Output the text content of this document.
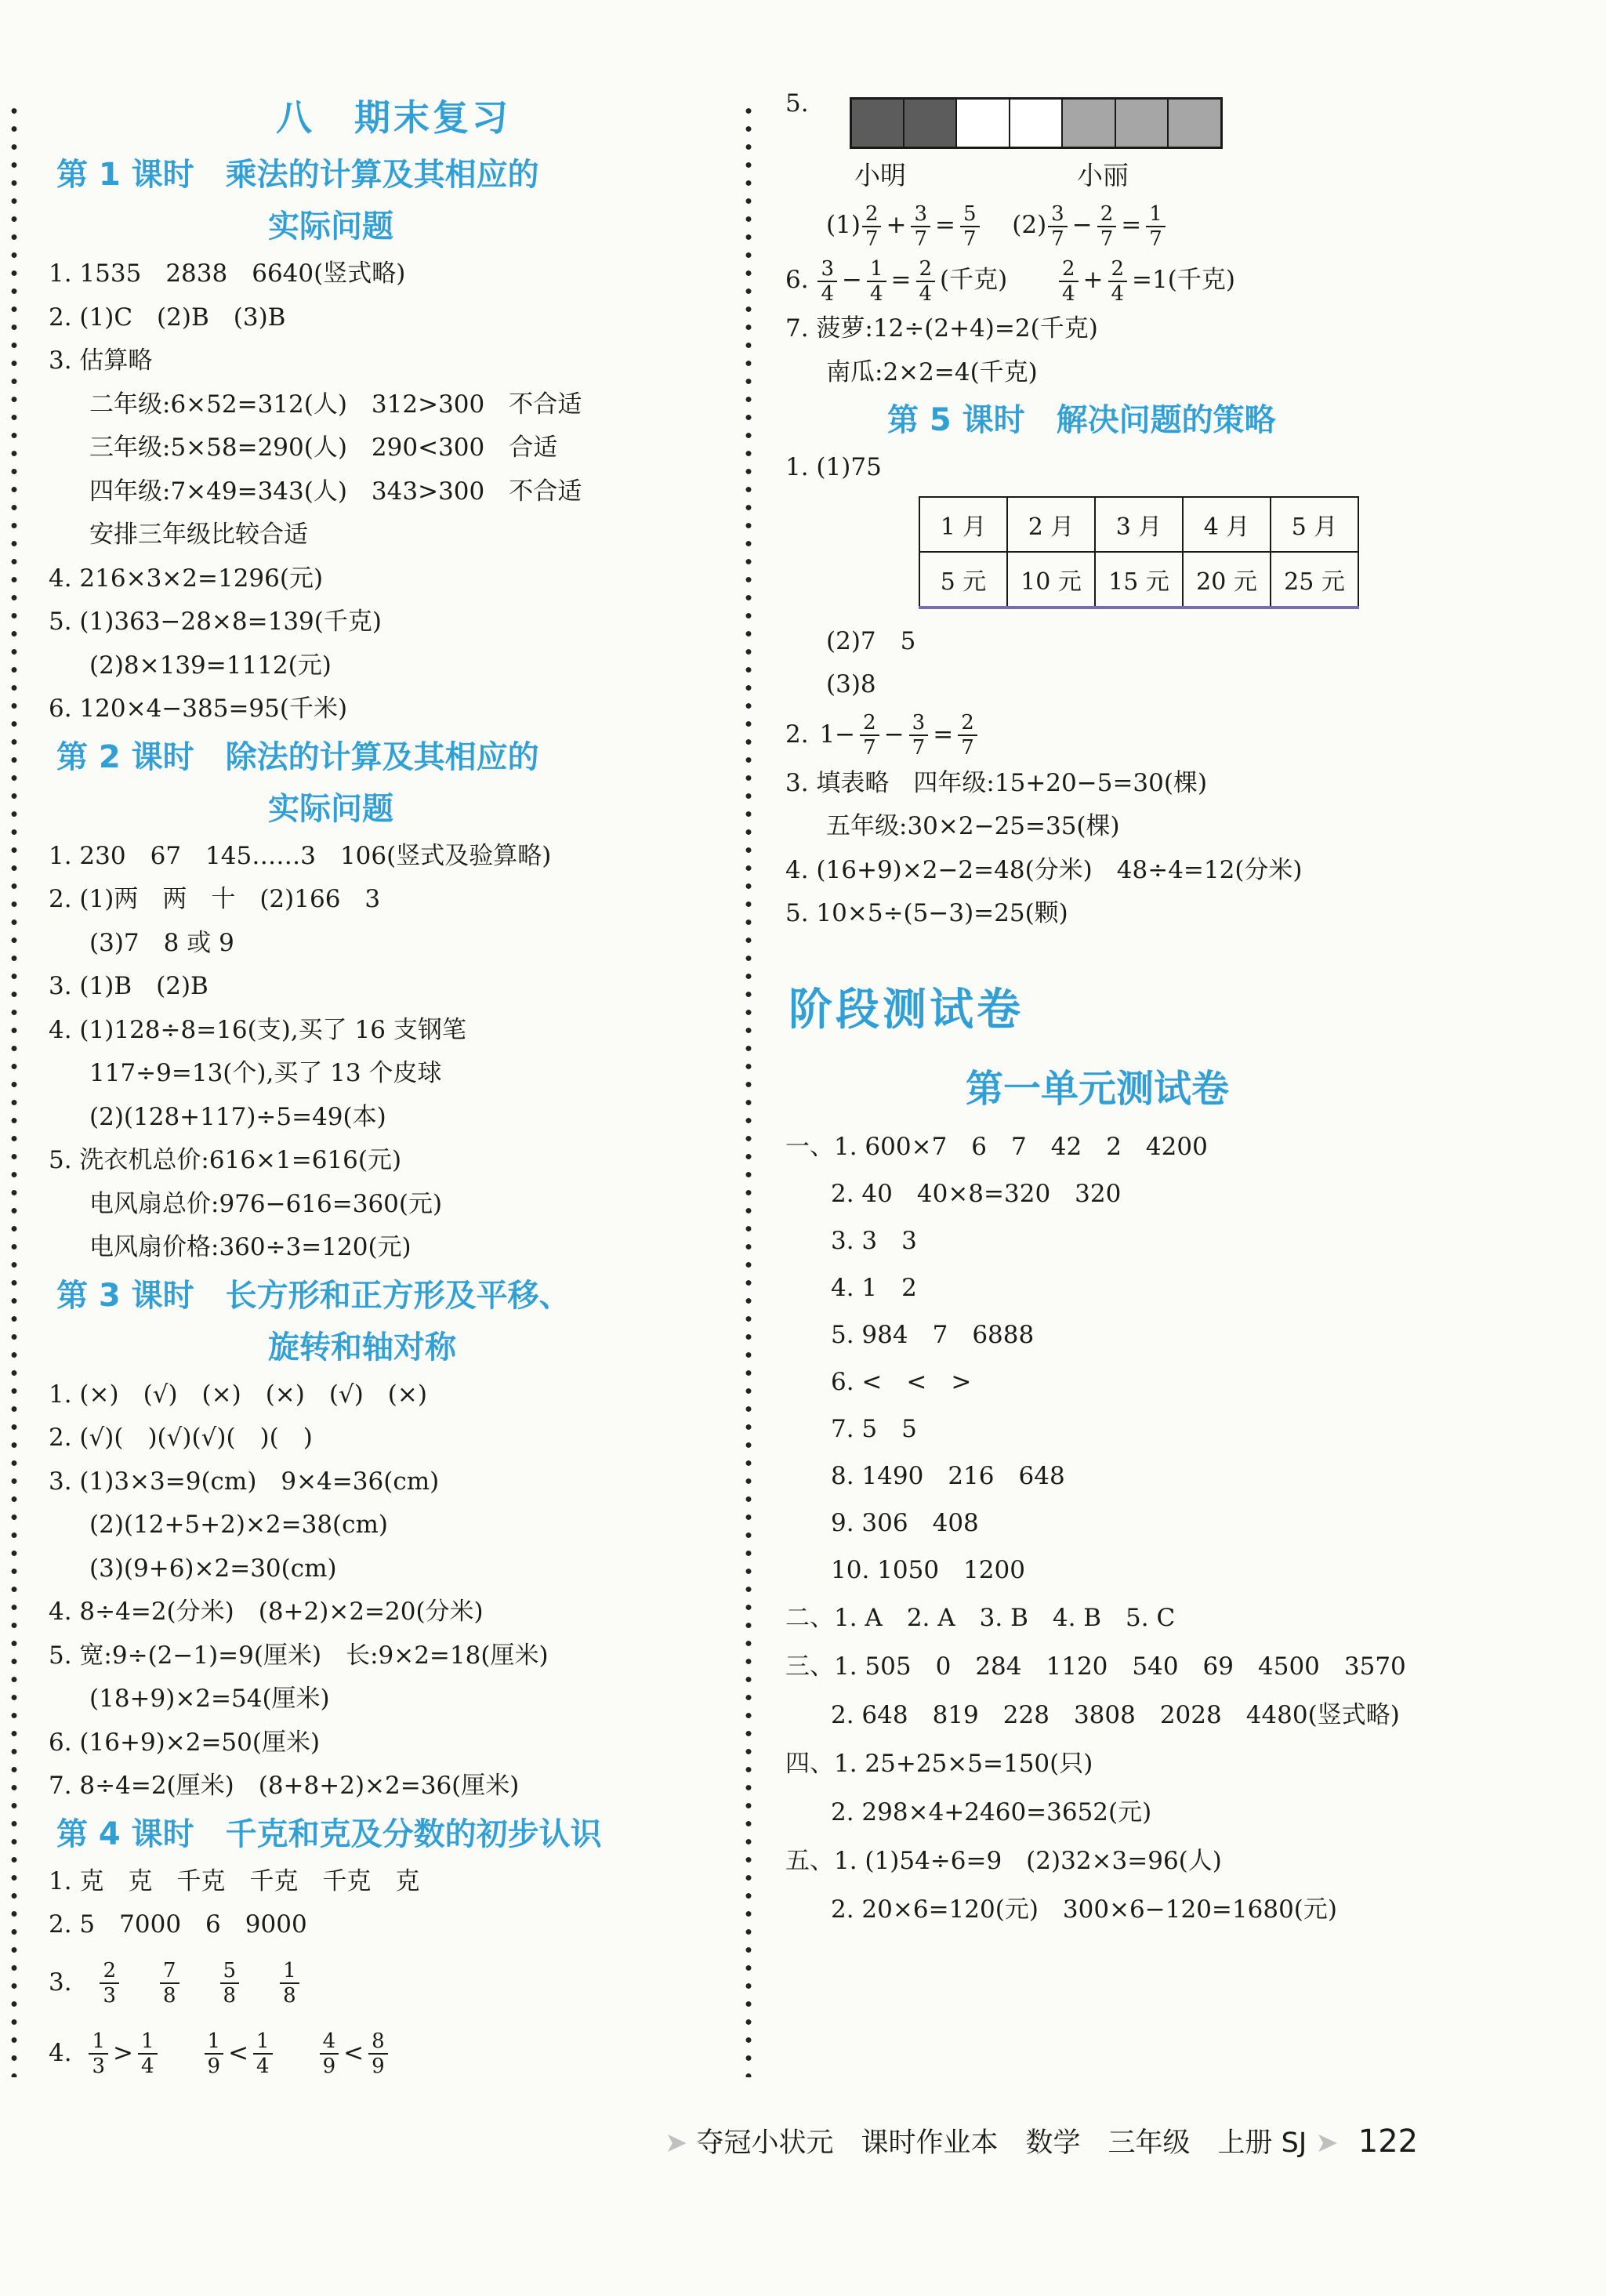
八　期末复习
第 1 课时　乘法的计算及其相应的
实际问题
1. 1535　2838　6640(竖式略)
2. (1)C　(2)B　(3)B
3. 估算略
二年级:6×52=312(人)　312>300　不合适
三年级:5×58=290(人)　290<300　合适
四年级:7×49=343(人)　343>300　不合适
安排三年级比较合适
4. 216×3×2=1296(元)
5. (1)363−28×8=139(千克)
(2)8×139=1112(元)
6. 120×4−385=95(千米)
第 2 课时　除法的计算及其相应的
实际问题
1. 230　67　145……3　106(竖式及验算略)
2. (1)两　两　十　(2)166　3
(3)7　8 或 9
3. (1)B　(2)B
4. (1)128÷8=16(支),买了 16 支钢笔
117÷9=13(个),买了 13 个皮球
(2)(128+117)÷5=49(本)
5. 洗衣机总价:616×1=616(元)
电风扇总价:976−616=360(元)
电风扇价格:360÷3=120(元)
第 3 课时　长方形和正方形及平移、
旋转和轴对称
1. (×)　(√)　(×)　(×)　(√)　(×)
2. (√)(　)(√)(√)(　)(　)
3. (1)3×3=9(cm)　9×4=36(cm)
(2)(12+5+2)×2=38(cm)
(3)(9+6)×2=30(cm)
4. 8÷4=2(分米)　(8+2)×2=20(分米)
5. 宽:9÷(2−1)=9(厘米)　长:9×2=18(厘米)
(18+9)×2=54(厘米)
6. (16+9)×2=50(厘米)
7. 8÷4=2(厘米)　(8+8+2)×2=36(厘米)
第 4 课时　千克和克及分数的初步认识
1. 克　克　千克　千克　千克　克
2. 5　7000　6　9000
3. $\frac{2}{3} \frac{7}{8} \frac{5}{8} \frac{1}{8}$
4. $\frac{1}{3} > \frac{1}{4} \frac{1}{9} < \frac{1}{4} \frac{4}{9} < \frac{8}{9}$
5.
小明	小丽
$(1) \frac{2}{7} + \frac{3}{7} = \frac{5}{7} (2) \frac{3}{7} - \frac{2}{7} = \frac{1}{7}$
6. $\frac{3}{4} - \frac{1}{4} = \frac{2}{4}$ (千克)	$\frac{2}{4} + \frac{2}{4} =1$(千克)
7. 菠萝:12÷(2+4)=2(千克)
南瓜:2×2=4(千克)
第 5 课时　解决问题的策略
1. (1)75
1 月	2 月	3 月	4 月	5 月
5 元	10 元	15 元	20 元	25 元
(2)7　5
(3)8
2. $1- \frac{2}{7} - \frac{3}{7} = \frac{2}{7}$
3. 填表略　四年级:15+20−5=30(棵)
五年级:30×2−25=35(棵)
4. (16+9)×2−2=48(分米)　48÷4=12(分米)
5. 10×5÷(5−3)=25(颗)
阶段测试卷
第一单元测试卷
一、1. 600×7　6　7　42　2　4200
2. 40　40×8=320　320
3. 3　3
4. 1　2
5. 984　7　6888
6. <　<　>
7. 5　5
8. 1490　216　648
9. 306　408
10. 1050　1200
二、1. A　2. A　3. B　4. B　5. C
三、1. 505　0　284　1120　540　69　4500　3570
2. 648　819　228　3808　2028　4480(竖式略)
四、1. 25+25×5=150(只)
2. 298×4+2460=3652(元)
五、1. (1)54÷6=9　(2)32×3=96(人)
2. 20×6=120(元)　300×6−120=1680(元)
➤ 夺冠小状元　课时作业本　数学　三年级　上册 SJ ➤ 122
